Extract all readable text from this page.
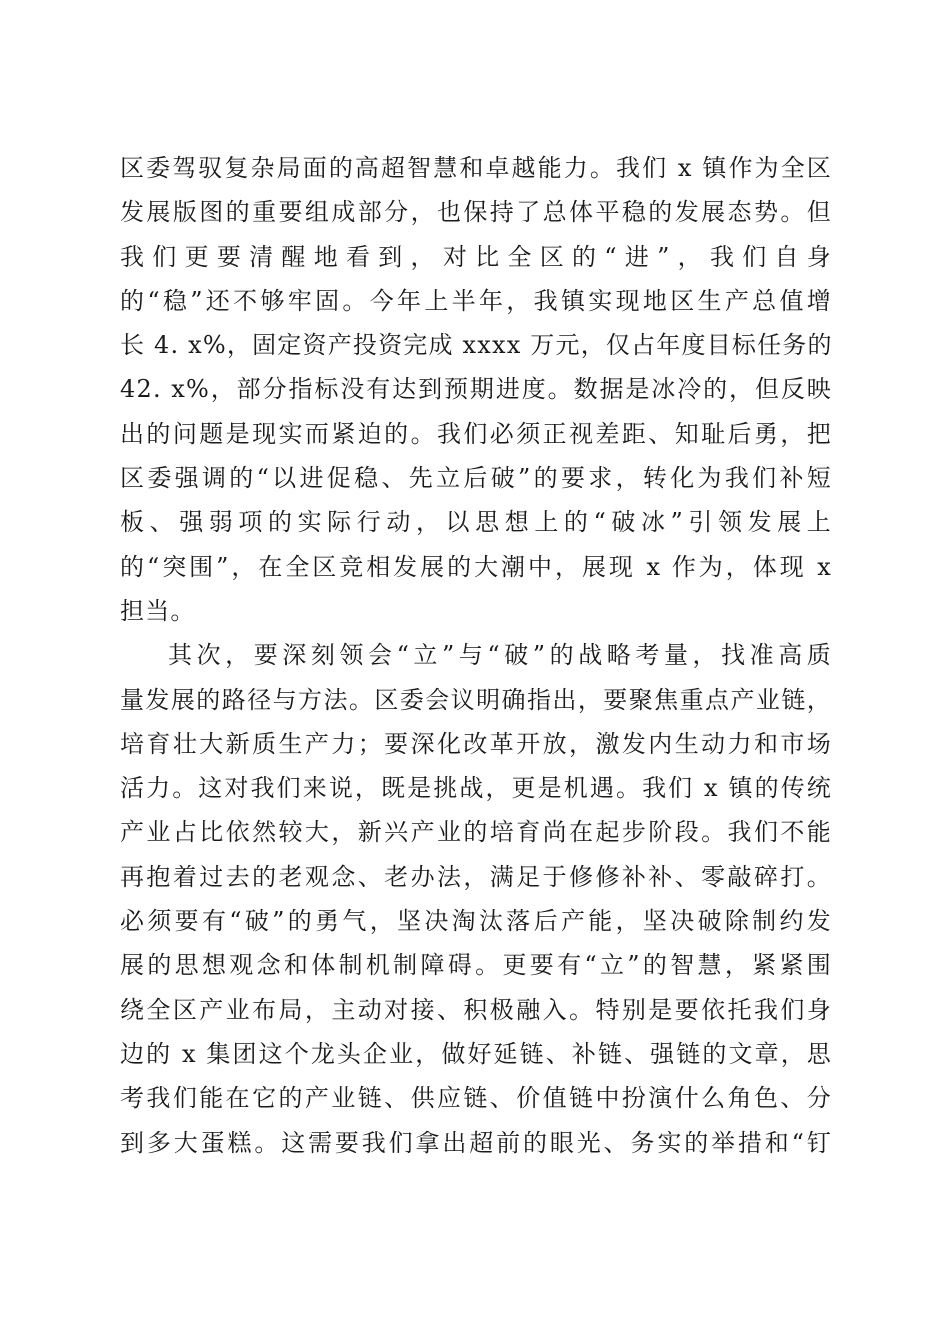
区委驾驭复杂局面的高超智慧和卓越能力。我们 x 镇作为全区
发展版图的重要组成部分，也保持了总体平稳的发展态势。但
我们更要清醒地看到，对比全区的“进”，我们自身
的“稳”还不够牢固。今年上半年，我镇实现地区生产总值增
长 4. x%，固定资产投资完成 xxxx 万元，仅占年度目标任务的
42. x%，部分指标没有达到预期进度。数据是冰冷的，但反映
出的问题是现实而紧迫的。我们必须正视差距、知耻后勇，把
区委强调的“以进促稳、先立后破”的要求，转化为我们补短
板、强弱项的实际行动，以思想上的“破冰”引领发展上
的“突围”，在全区竞相发展的大潮中，展现 x 作为，体现 x
担当。
其次，要深刻领会“立”与“破”的战略考量，找准高质
量发展的路径与方法。区委会议明确指出，要聚焦重点产业链，
培育壮大新质生产力；要深化改革开放，激发内生动力和市场
活力。这对我们来说，既是挑战，更是机遇。我们 x 镇的传统
产业占比依然较大，新兴产业的培育尚在起步阶段。我们不能
再抱着过去的老观念、老办法，满足于修修补补、零敲碎打。
必须要有“破”的勇气，坚决淘汰落后产能，坚决破除制约发
展的思想观念和体制机制障碍。更要有“立”的智慧，紧紧围
绕全区产业布局，主动对接、积极融入。特别是要依托我们身
边的 x 集团这个龙头企业，做好延链、补链、强链的文章，思
考我们能在它的产业链、供应链、价值链中扮演什么角色、分
到多大蛋糕。这需要我们拿出超前的眼光、务实的举措和“钉
